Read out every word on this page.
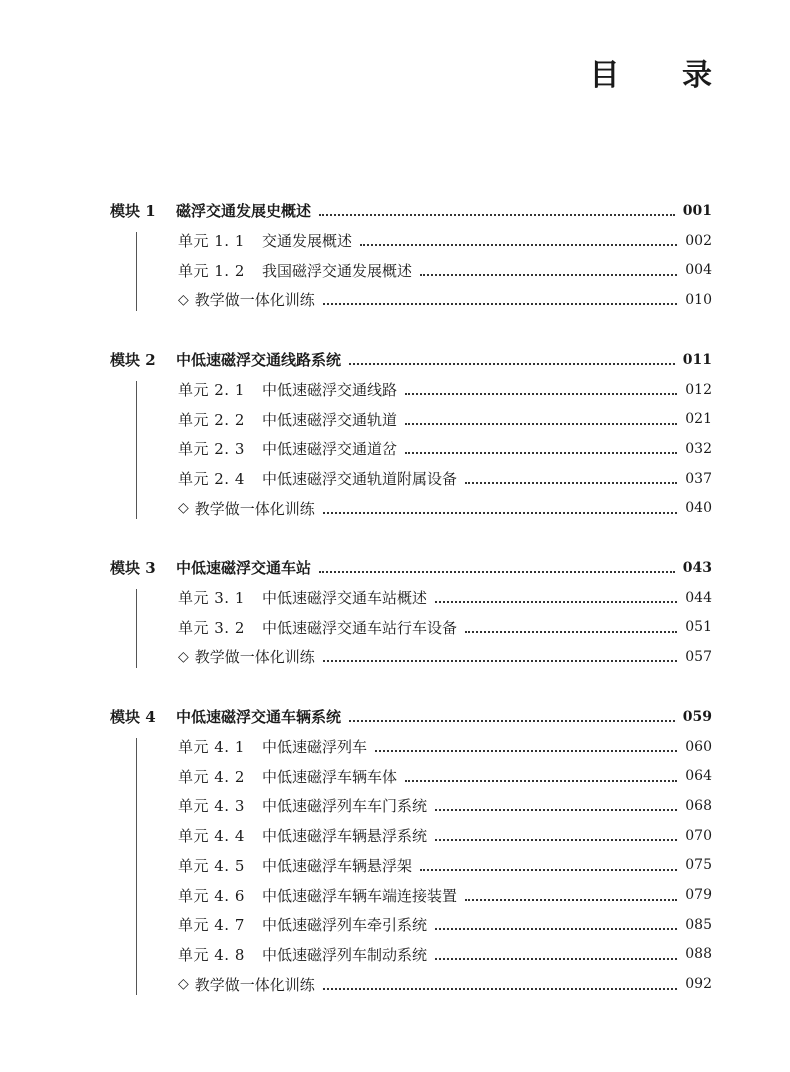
目 录
模块 1	磁浮交通发展史概述	001
单元 1. 1	交通发展概述	002
单元 1. 2	我国磁浮交通发展概述	004
◇ 教学做一体化训练	010
模块 2	中低速磁浮交通线路系统	011
单元 2. 1	中低速磁浮交通线路	012
单元 2. 2	中低速磁浮交通轨道	021
单元 2. 3	中低速磁浮交通道岔	032
单元 2. 4	中低速磁浮交通轨道附属设备	037
◇ 教学做一体化训练	040
模块 3	中低速磁浮交通车站	043
单元 3. 1	中低速磁浮交通车站概述	044
单元 3. 2	中低速磁浮交通车站行车设备	051
◇ 教学做一体化训练	057
模块 4	中低速磁浮交通车辆系统	059
单元 4. 1	中低速磁浮列车	060
单元 4. 2	中低速磁浮车辆车体	064
单元 4. 3	中低速磁浮列车车门系统	068
单元 4. 4	中低速磁浮车辆悬浮系统	070
单元 4. 5	中低速磁浮车辆悬浮架	075
单元 4. 6	中低速磁浮车辆车端连接装置	079
单元 4. 7	中低速磁浮列车牵引系统	085
单元 4. 8	中低速磁浮列车制动系统	088
◇ 教学做一体化训练	092
